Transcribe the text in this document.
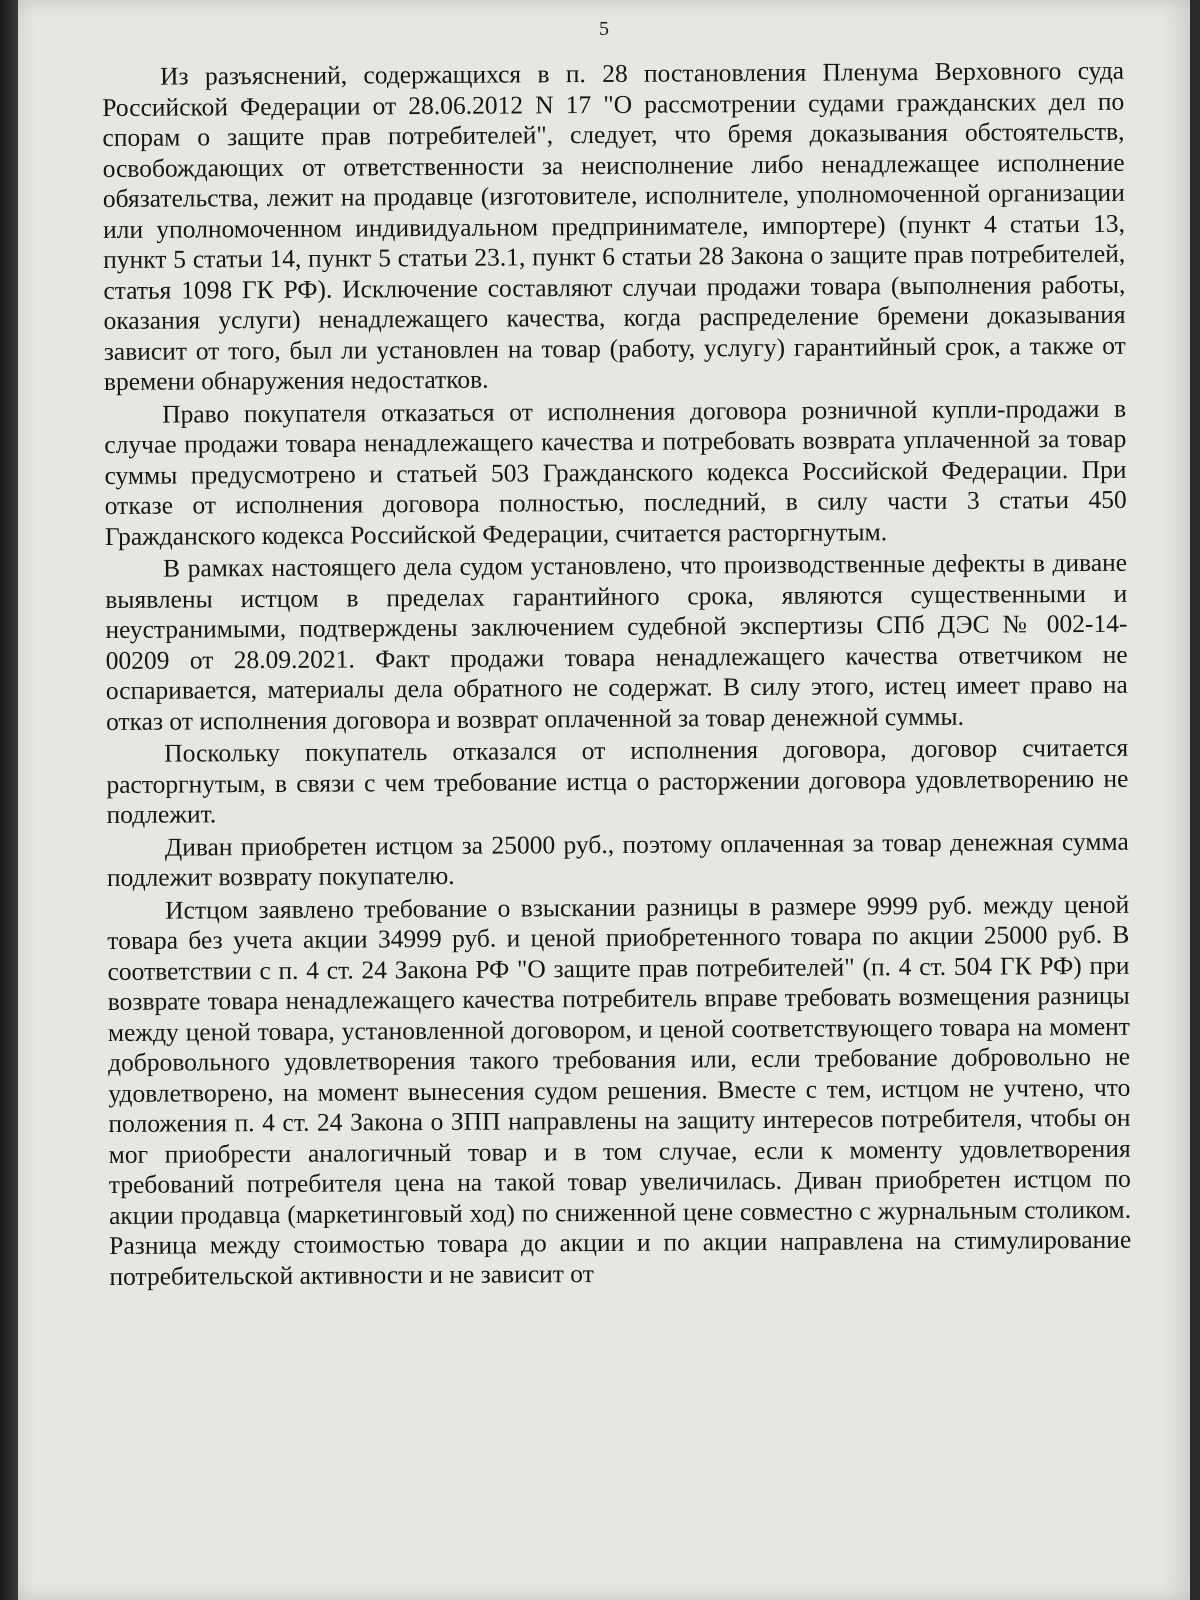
5

Из разъяснений, содержащихся в п. 28 постановления Пленума Верховного суда Российской Федерации от 28.06.2012 N 17 "О рассмотрении судами гражданских дел по спорам о защите прав потребителей", следует, что бремя доказывания обстоятельств, освобождающих от ответственности за неисполнение либо ненадлежащее исполнение обязательства, лежит на продавце (изготовителе, исполнителе, уполномоченной организации или уполномоченном индивидуальном предпринимателе, импортере) (пункт 4 статьи 13, пункт 5 статьи 14, пункт 5 статьи 23.1, пункт 6 статьи 28 Закона о защите прав потребителей, статья 1098 ГК РФ). Исключение составляют случаи продажи товара (выполнения работы, оказания услуги) ненадлежащего качества, когда распределение бремени доказывания зависит от того, был ли установлен на товар (работу, услугу) гарантийный срок, а также от времени обнаружения недостатков.

Право покупателя отказаться от исполнения договора розничной купли-продажи в случае продажи товара ненадлежащего качества и потребовать возврата уплаченной за товар суммы предусмотрено и статьей 503 Гражданского кодекса Российской Федерации. При отказе от исполнения договора полностью, последний, в силу части 3 статьи 450 Гражданского кодекса Российской Федерации, считается расторгнутым.

В рамках настоящего дела судом установлено, что производственные дефекты в диване выявлены истцом в пределах гарантийного срока, являются существенными и неустранимыми, подтверждены заключением судебной экспертизы СПб ДЭС № 002-14-00209 от 28.09.2021. Факт продажи товара ненадлежащего качества ответчиком не оспаривается, материалы дела обратного не содержат. В силу этого, истец имеет право на отказ от исполнения договора и возврат оплаченной за товар денежной суммы.

Поскольку покупатель отказался от исполнения договора, договор считается расторгнутым, в связи с чем требование истца о расторжении договора удовлетворению не подлежит.

Диван приобретен истцом за 25000 руб., поэтому оплаченная за товар денежная сумма подлежит возврату покупателю.

Истцом заявлено требование о взыскании разницы в размере 9999 руб. между ценой товара без учета акции 34999 руб. и ценой приобретенного товара по акции 25000 руб. В соответствии с п. 4 ст. 24 Закона РФ "О защите прав потребителей" (п. 4 ст. 504 ГК РФ) при возврате товара ненадлежащего качества потребитель вправе требовать возмещения разницы между ценой товара, установленной договором, и ценой соответствующего товара на момент добровольного удовлетворения такого требования или, если требование добровольно не удовлетворено, на момент вынесения судом решения. Вместе с тем, истцом не учтено, что положения п. 4 ст. 24 Закона о ЗПП направлены на защиту интересов потребителя, чтобы он мог приобрести аналогичный товар и в том случае, если к моменту удовлетворения требований потребителя цена на такой товар увеличилась. Диван приобретен истцом по акции продавца (маркетинговый ход) по сниженной цене совместно с журнальным столиком. Разница между стоимостью товара до акции и по акции направлена на стимулирование потребительской активности и не зависит от
